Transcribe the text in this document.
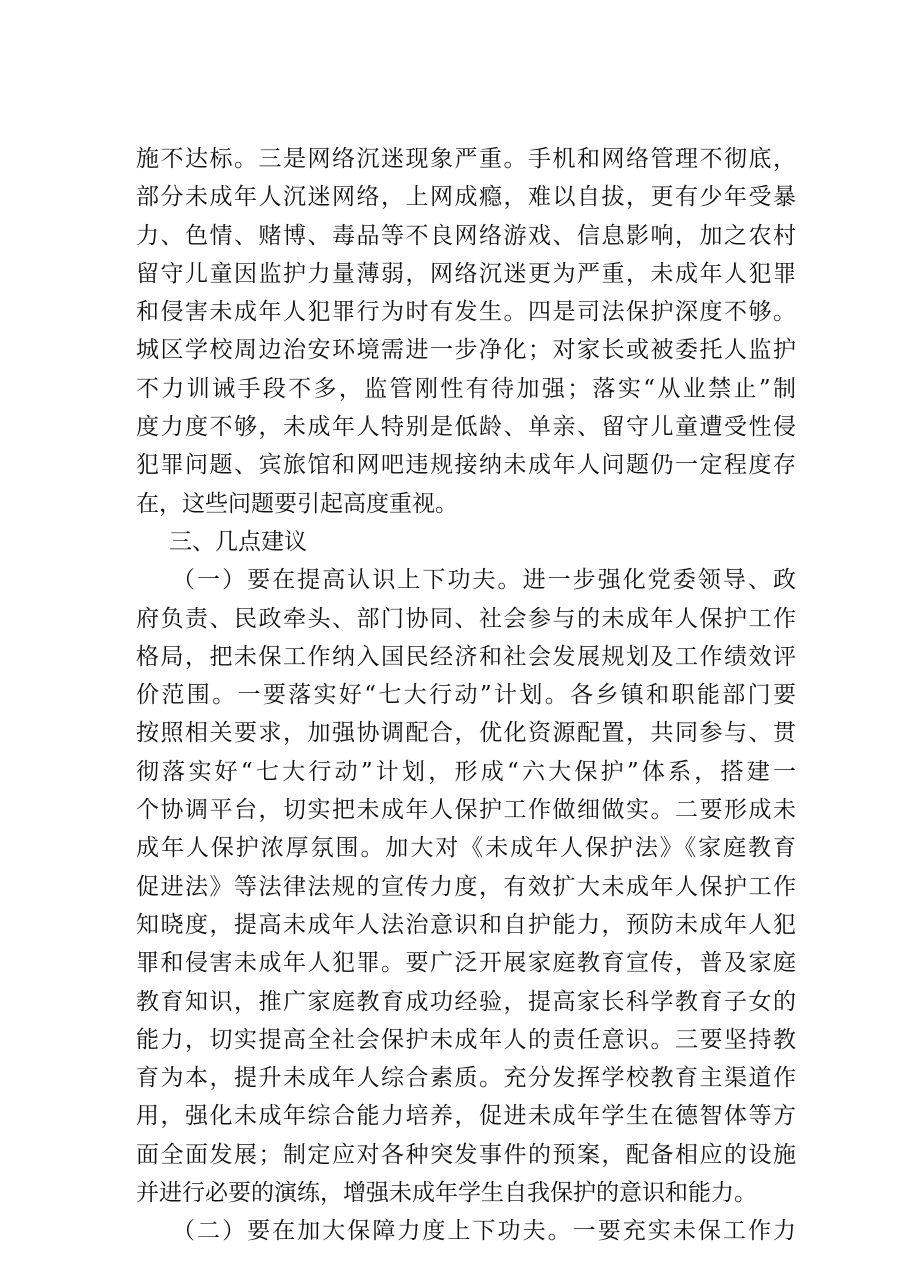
施不达标。三是网络沉迷现象严重。手机和网络管理不彻底，
部分未成年人沉迷网络，上网成瘾，难以自拔，更有少年受暴
力、色情、赌博、毒品等不良网络游戏、信息影响，加之农村
留守儿童因监护力量薄弱，网络沉迷更为严重，未成年人犯罪
和侵害未成年人犯罪行为时有发生。四是司法保护深度不够。
城区学校周边治安环境需进一步净化；对家长或被委托人监护
不力训诫手段不多，监管刚性有待加强；落实“从业禁止”制
度力度不够，未成年人特别是低龄、单亲、留守儿童遭受性侵
犯罪问题、宾旅馆和网吧违规接纳未成年人问题仍一定程度存
在，这些问题要引起高度重视。
三、几点建议
（一）要在提高认识上下功夫。进一步强化党委领导、政
府负责、民政牵头、部门协同、社会参与的未成年人保护工作
格局，把未保工作纳入国民经济和社会发展规划及工作绩效评
价范围。一要落实好“七大行动”计划。各乡镇和职能部门要
按照相关要求，加强协调配合，优化资源配置，共同参与、贯
彻落实好“七大行动”计划，形成“六大保护”体系，搭建一
个协调平台，切实把未成年人保护工作做细做实。二要形成未
成年人保护浓厚氛围。加大对《未成年人保护法》《家庭教育
促进法》等法律法规的宣传力度，有效扩大未成年人保护工作
知晓度，提高未成年人法治意识和自护能力，预防未成年人犯
罪和侵害未成年人犯罪。要广泛开展家庭教育宣传，普及家庭
教育知识，推广家庭教育成功经验，提高家长科学教育子女的
能力，切实提高全社会保护未成年人的责任意识。三要坚持教
育为本，提升未成年人综合素质。充分发挥学校教育主渠道作
用，强化未成年综合能力培养，促进未成年学生在德智体等方
面全面发展；制定应对各种突发事件的预案，配备相应的设施
并进行必要的演练，增强未成年学生自我保护的意识和能力。
（二）要在加大保障力度上下功夫。一要充实未保工作力
